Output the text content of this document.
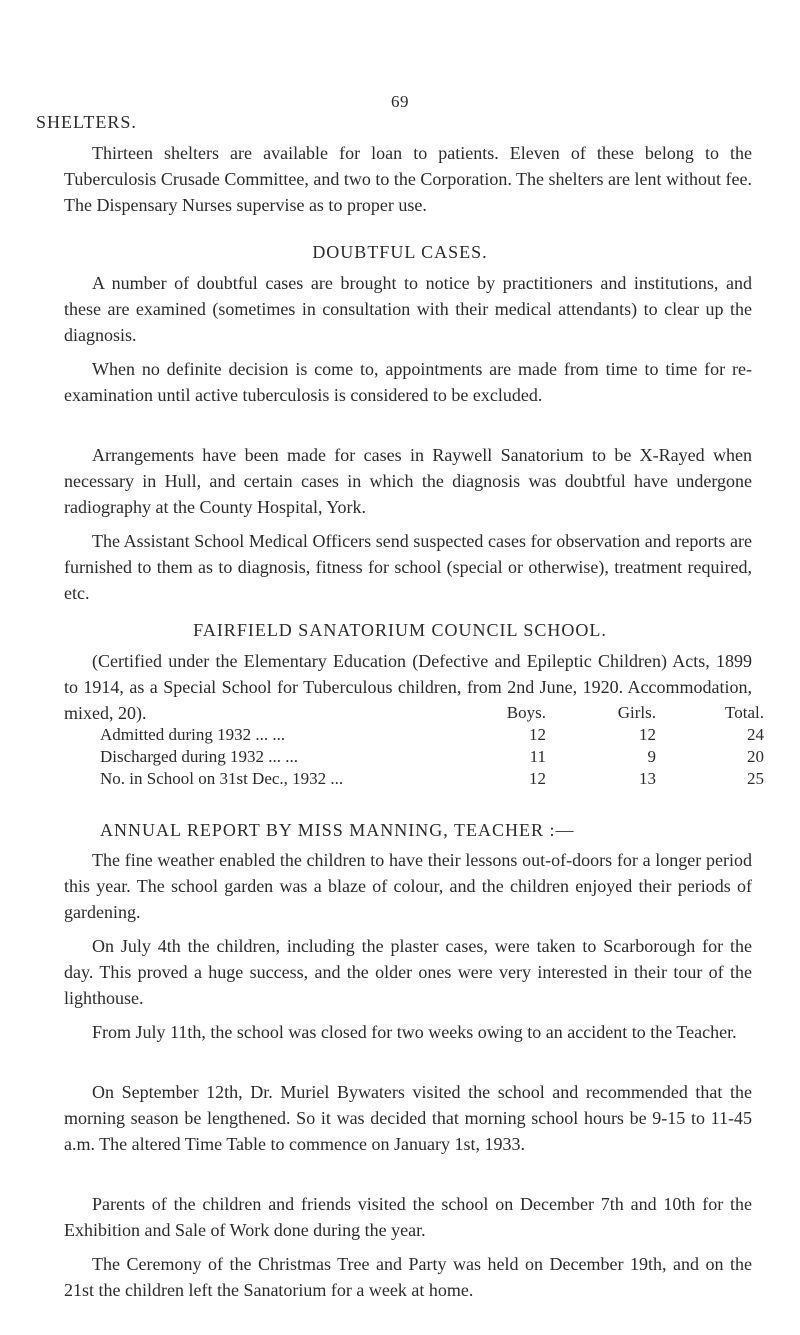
69
SHELTERS.

Thirteen shelters are available for loan to patients. Eleven of these belong to the Tuberculosis Crusade Committee, and two to the Corporation. The shelters are lent without fee. The Dispensary Nurses supervise as to proper use.

DOUBTFUL CASES.

A number of doubtful cases are brought to notice by practitioners and institutions, and these are examined (sometimes in consultation with their medical attendants) to clear up the diagnosis.

When no definite decision is come to, appointments are made from time to time for re-examination until active tuberculosis is considered to be excluded.

Arrangements have been made for cases in Raywell Sanatorium to be X-Rayed when necessary in Hull, and certain cases in which the diagnosis was doubtful have undergone radiography at the County Hospital, York.

The Assistant School Medical Officers send suspected cases for observation and reports are furnished to them as to diagnosis, fitness for school (special or otherwise), treatment required, etc.

FAIRFIELD SANATORIUM COUNCIL SCHOOL.

(Certified under the Elementary Education (Defective and Epileptic Children) Acts, 1899 to 1914, as a Special School for Tuberculous children, from 2nd June, 1920. Accommodation, mixed, 20).

		Boys.	Girls.	Total.
Admitted during 1932 ... ...	12	12	24
Discharged during 1932 ... ...	11	9	20
No. in School on 31st Dec., 1932 ...	12	13	25
ANNUAL REPORT BY MISS MANNING, TEACHER :—

The fine weather enabled the children to have their lessons out-of-doors for a longer period this year. The school garden was a blaze of colour, and the children enjoyed their periods of gardening.

On July 4th the children, including the plaster cases, were taken to Scarborough for the day. This proved a huge success, and the older ones were very interested in their tour of the lighthouse.

From July 11th, the school was closed for two weeks owing to an accident to the Teacher.

On September 12th, Dr. Muriel Bywaters visited the school and recommended that the morning season be lengthened. So it was decided that morning school hours be 9-15 to 11-45 a.m. The altered Time Table to commence on January 1st, 1933.

Parents of the children and friends visited the school on December 7th and 10th for the Exhibition and Sale of Work done during the year.

The Ceremony of the Christmas Tree and Party was held on December 19th, and on the 21st the children left the Sanatorium for a week at home.
